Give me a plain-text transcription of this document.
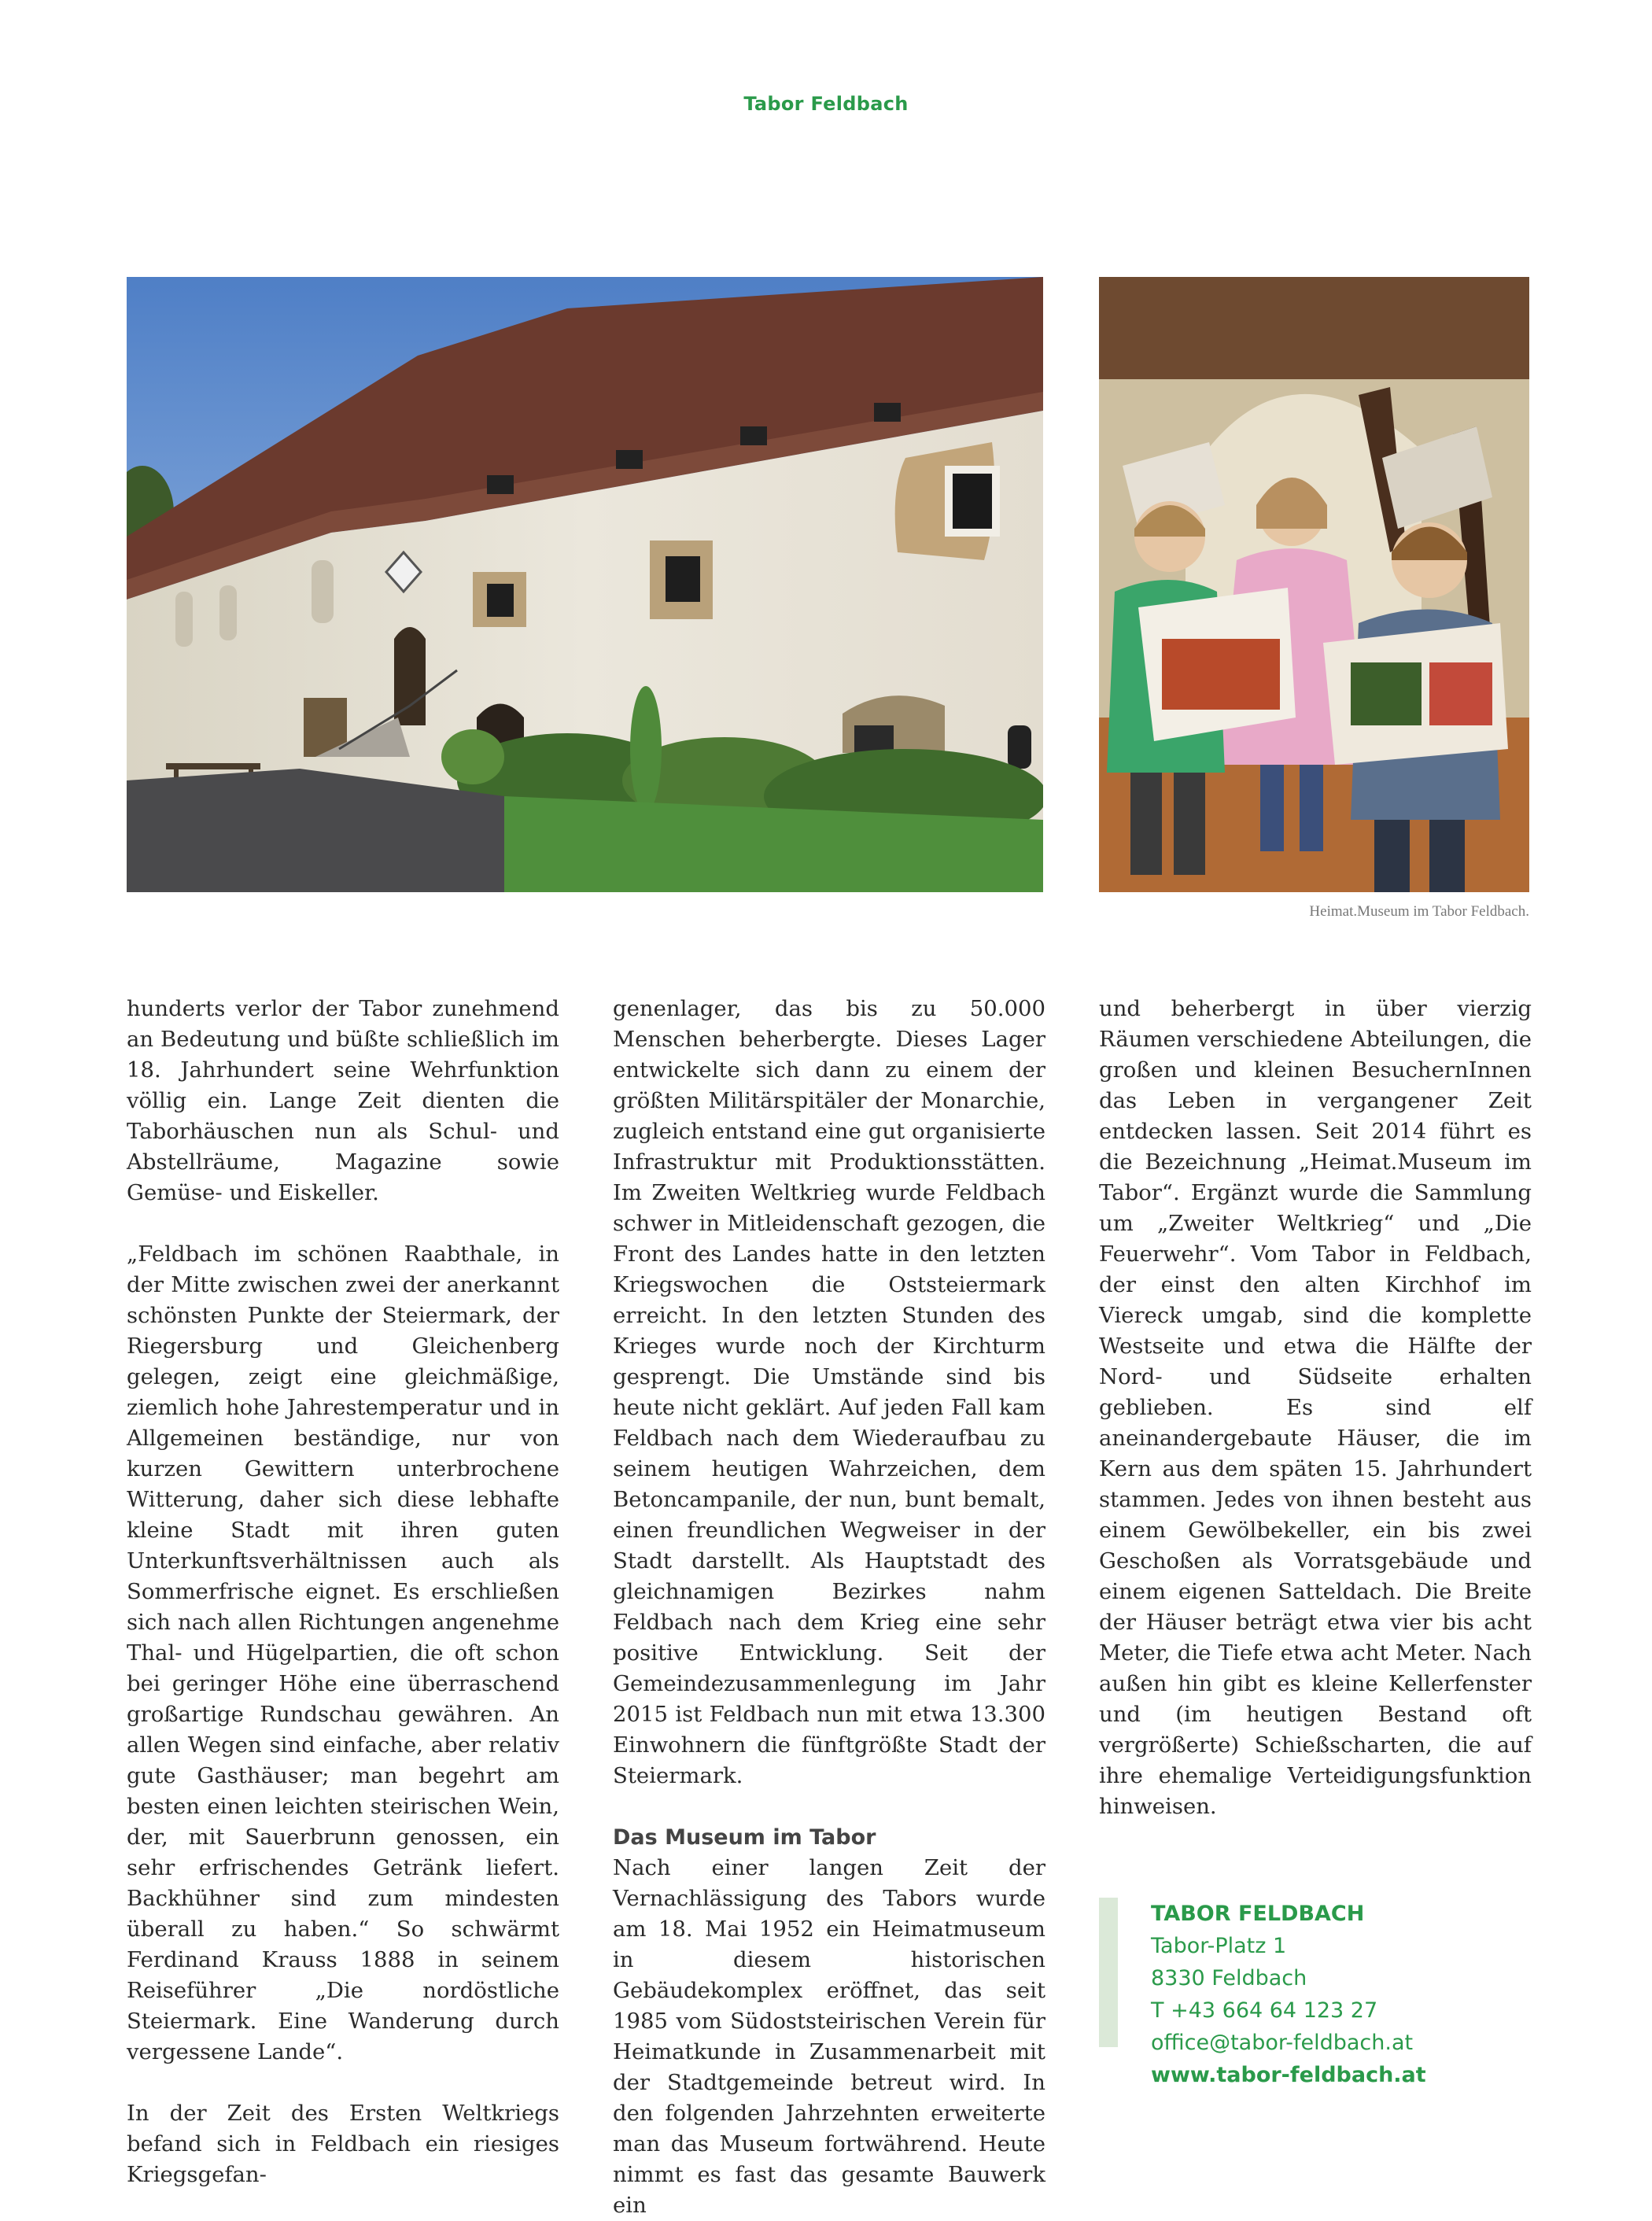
Tabor Feldbach
Heimat.Museum im Tabor Feldbach.

hunderts verlor der Tabor zunehmend an Bedeutung und büßte schließlich im 18. Jahrhundert seine Wehrfunktion völlig ein. Lange Zeit dienten die Taborhäuschen nun als Schul- und Abstellräume, Magazine sowie Gemüse- und Eiskeller.

„Feldbach im schönen Raabthale, in der Mitte zwischen zwei der anerkannt schönsten Punkte der Steiermark, der Riegersburg und Gleichenberg gelegen, zeigt eine gleichmäßige, ziemlich hohe Jahrestemperatur und in Allgemeinen beständige, nur von kurzen Gewittern unterbrochene Witterung, daher sich diese lebhafte kleine Stadt mit ihren guten Unterkunftsverhältnissen auch als Sommerfrische eignet. Es erschließen sich nach allen Richtungen angenehme Thal- und Hügelpartien, die oft schon bei geringer Höhe eine überraschend großartige Rundschau gewähren. An allen Wegen sind einfache, aber relativ gute Gasthäuser; man begehrt am besten einen leichten steirischen Wein, der, mit Sauerbrunn genossen, ein sehr erfrischendes Getränk liefert. Backhühner sind zum mindesten überall zu haben.“ So schwärmt Ferdinand Krauss 1888 in seinem Reiseführer „Die nordöstliche Steiermark. Eine Wanderung durch vergessene Lande“.

In der Zeit des Ersten Weltkriegs befand sich in Feldbach ein riesiges Kriegsgefan-

genenlager, das bis zu 50.000 Menschen beherbergte. Dieses Lager entwickelte sich dann zu einem der größten Militärspitäler der Monarchie, zugleich entstand eine gut organisierte Infrastruktur mit Produktionsstätten. Im Zweiten Weltkrieg wurde Feldbach schwer in Mitleidenschaft gezogen, die Front des Landes hatte in den letzten Kriegswochen die Oststeiermark erreicht. In den letzten Stunden des Krieges wurde noch der Kirchturm gesprengt. Die Umstände sind bis heute nicht geklärt. Auf jeden Fall kam Feldbach nach dem Wiederaufbau zu seinem heutigen Wahrzeichen, dem Betoncampanile, der nun, bunt bemalt, einen freundlichen Wegweiser in der Stadt darstellt. Als Hauptstadt des gleichnamigen Bezirkes nahm Feldbach nach dem Krieg eine sehr positive Entwicklung. Seit der Gemeindezusammenlegung im Jahr 2015 ist Feldbach nun mit etwa 13.300 Einwohnern die fünftgrößte Stadt der Steiermark.

Das Museum im Tabor

Nach einer langen Zeit der Vernachlässigung des Tabors wurde am 18. Mai 1952 ein Heimatmuseum in diesem historischen Gebäudekomplex eröffnet, das seit 1985 vom Südoststeirischen Verein für Heimatkunde in Zusammenarbeit mit der Stadtgemeinde betreut wird. In den folgenden Jahrzehnten erweiterte man das Museum fortwährend. Heute nimmt es fast das gesamte Bauwerk ein

und beherbergt in über vierzig Räumen verschiedene Abteilungen, die großen und kleinen BesuchernInnen das Leben in vergangener Zeit entdecken lassen. Seit 2014 führt es die Bezeichnung „Heimat.Museum im Tabor“. Ergänzt wurde die Sammlung um „Zweiter Weltkrieg“ und „Die Feuerwehr“. Vom Tabor in Feldbach, der einst den alten Kirchhof im Viereck umgab, sind die komplette Westseite und etwa die Hälfte der Nord- und Südseite erhalten geblieben. Es sind elf aneinandergebaute Häuser, die im Kern aus dem späten 15. Jahrhundert stammen. Jedes von ihnen besteht aus einem Gewölbekeller, ein bis zwei Geschoßen als Vorratsgebäude und einem eigenen Satteldach. Die Breite der Häuser beträgt etwa vier bis acht Meter, die Tiefe etwa acht Meter. Nach außen hin gibt es kleine Kellerfenster und (im heutigen Bestand oft vergrößerte) Schießscharten, die auf ihre ehemalige Verteidigungsfunktion hinweisen.

TABOR FELDBACH
Tabor-Platz 1
8330 Feldbach
T +43 664 64 123 27
office@tabor-feldbach.at
www.tabor-feldbach.at
